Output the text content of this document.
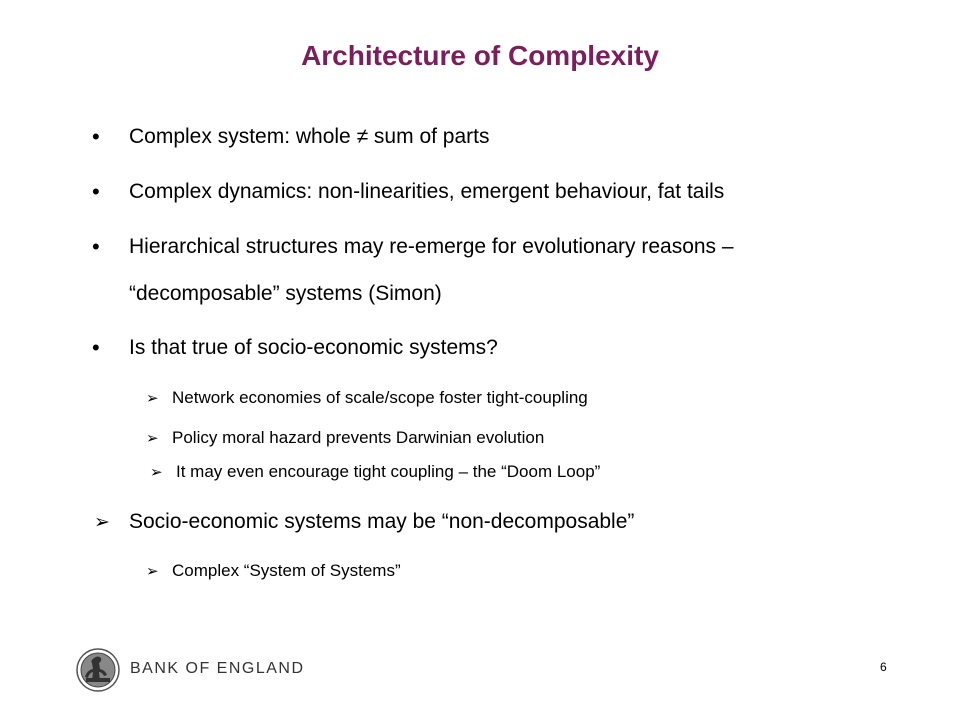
Architecture of Complexity
• Complex system: whole ≠ sum of parts
• Complex dynamics: non-linearities, emergent behaviour, fat tails
• Hierarchical structures may re-emerge for evolutionary reasons –
“decomposable” systems (Simon)
• Is that true of socio-economic systems?
➢ Network economies of scale/scope foster tight-coupling
➢ Policy moral hazard prevents Darwinian evolution
➢ It may even encourage tight coupling – the “Doom Loop”
➢ Socio-economic systems may be “non-decomposable”
➢ Complex “System of Systems”
BANK OF ENGLAND	6
